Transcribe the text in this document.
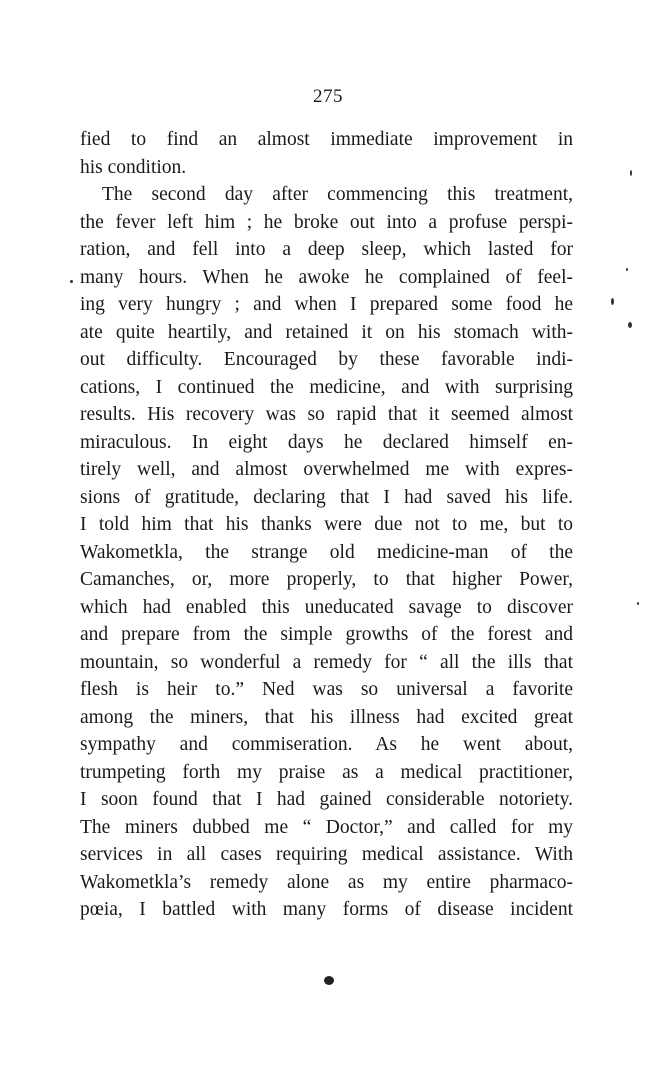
275
fied to find an almost immediate improvement in
his condition.
The second day after commencing this treatment,
the fever left him ; he broke out into a profuse perspi-
ration, and fell into a deep sleep, which lasted for
many hours. When he awoke he complained of feel-
ing very hungry ; and when I prepared some food he
ate quite heartily, and retained it on his stomach with-
out difficulty. Encouraged by these favorable indi-
cations, I continued the medicine, and with surprising
results. His recovery was so rapid that it seemed almost
miraculous. In eight days he declared himself en-
tirely well, and almost overwhelmed me with expres-
sions of gratitude, declaring that I had saved his life.
I told him that his thanks were due not to me, but to
Wakometkla, the strange old medicine-man of the
Camanches, or, more properly, to that higher Power,
which had enabled this uneducated savage to discover
and prepare from the simple growths of the forest and
mountain, so wonderful a remedy for “ all the ills that
flesh is heir to.” Ned was so universal a favorite
among the miners, that his illness had excited great
sympathy and commiseration. As he went about,
trumpeting forth my praise as a medical practitioner,
I soon found that I had gained considerable notoriety.
The miners dubbed me “ Doctor,” and called for my
services in all cases requiring medical assistance. With
Wakometkla’s remedy alone as my entire pharmaco-
pœia, I battled with many forms of disease incident
